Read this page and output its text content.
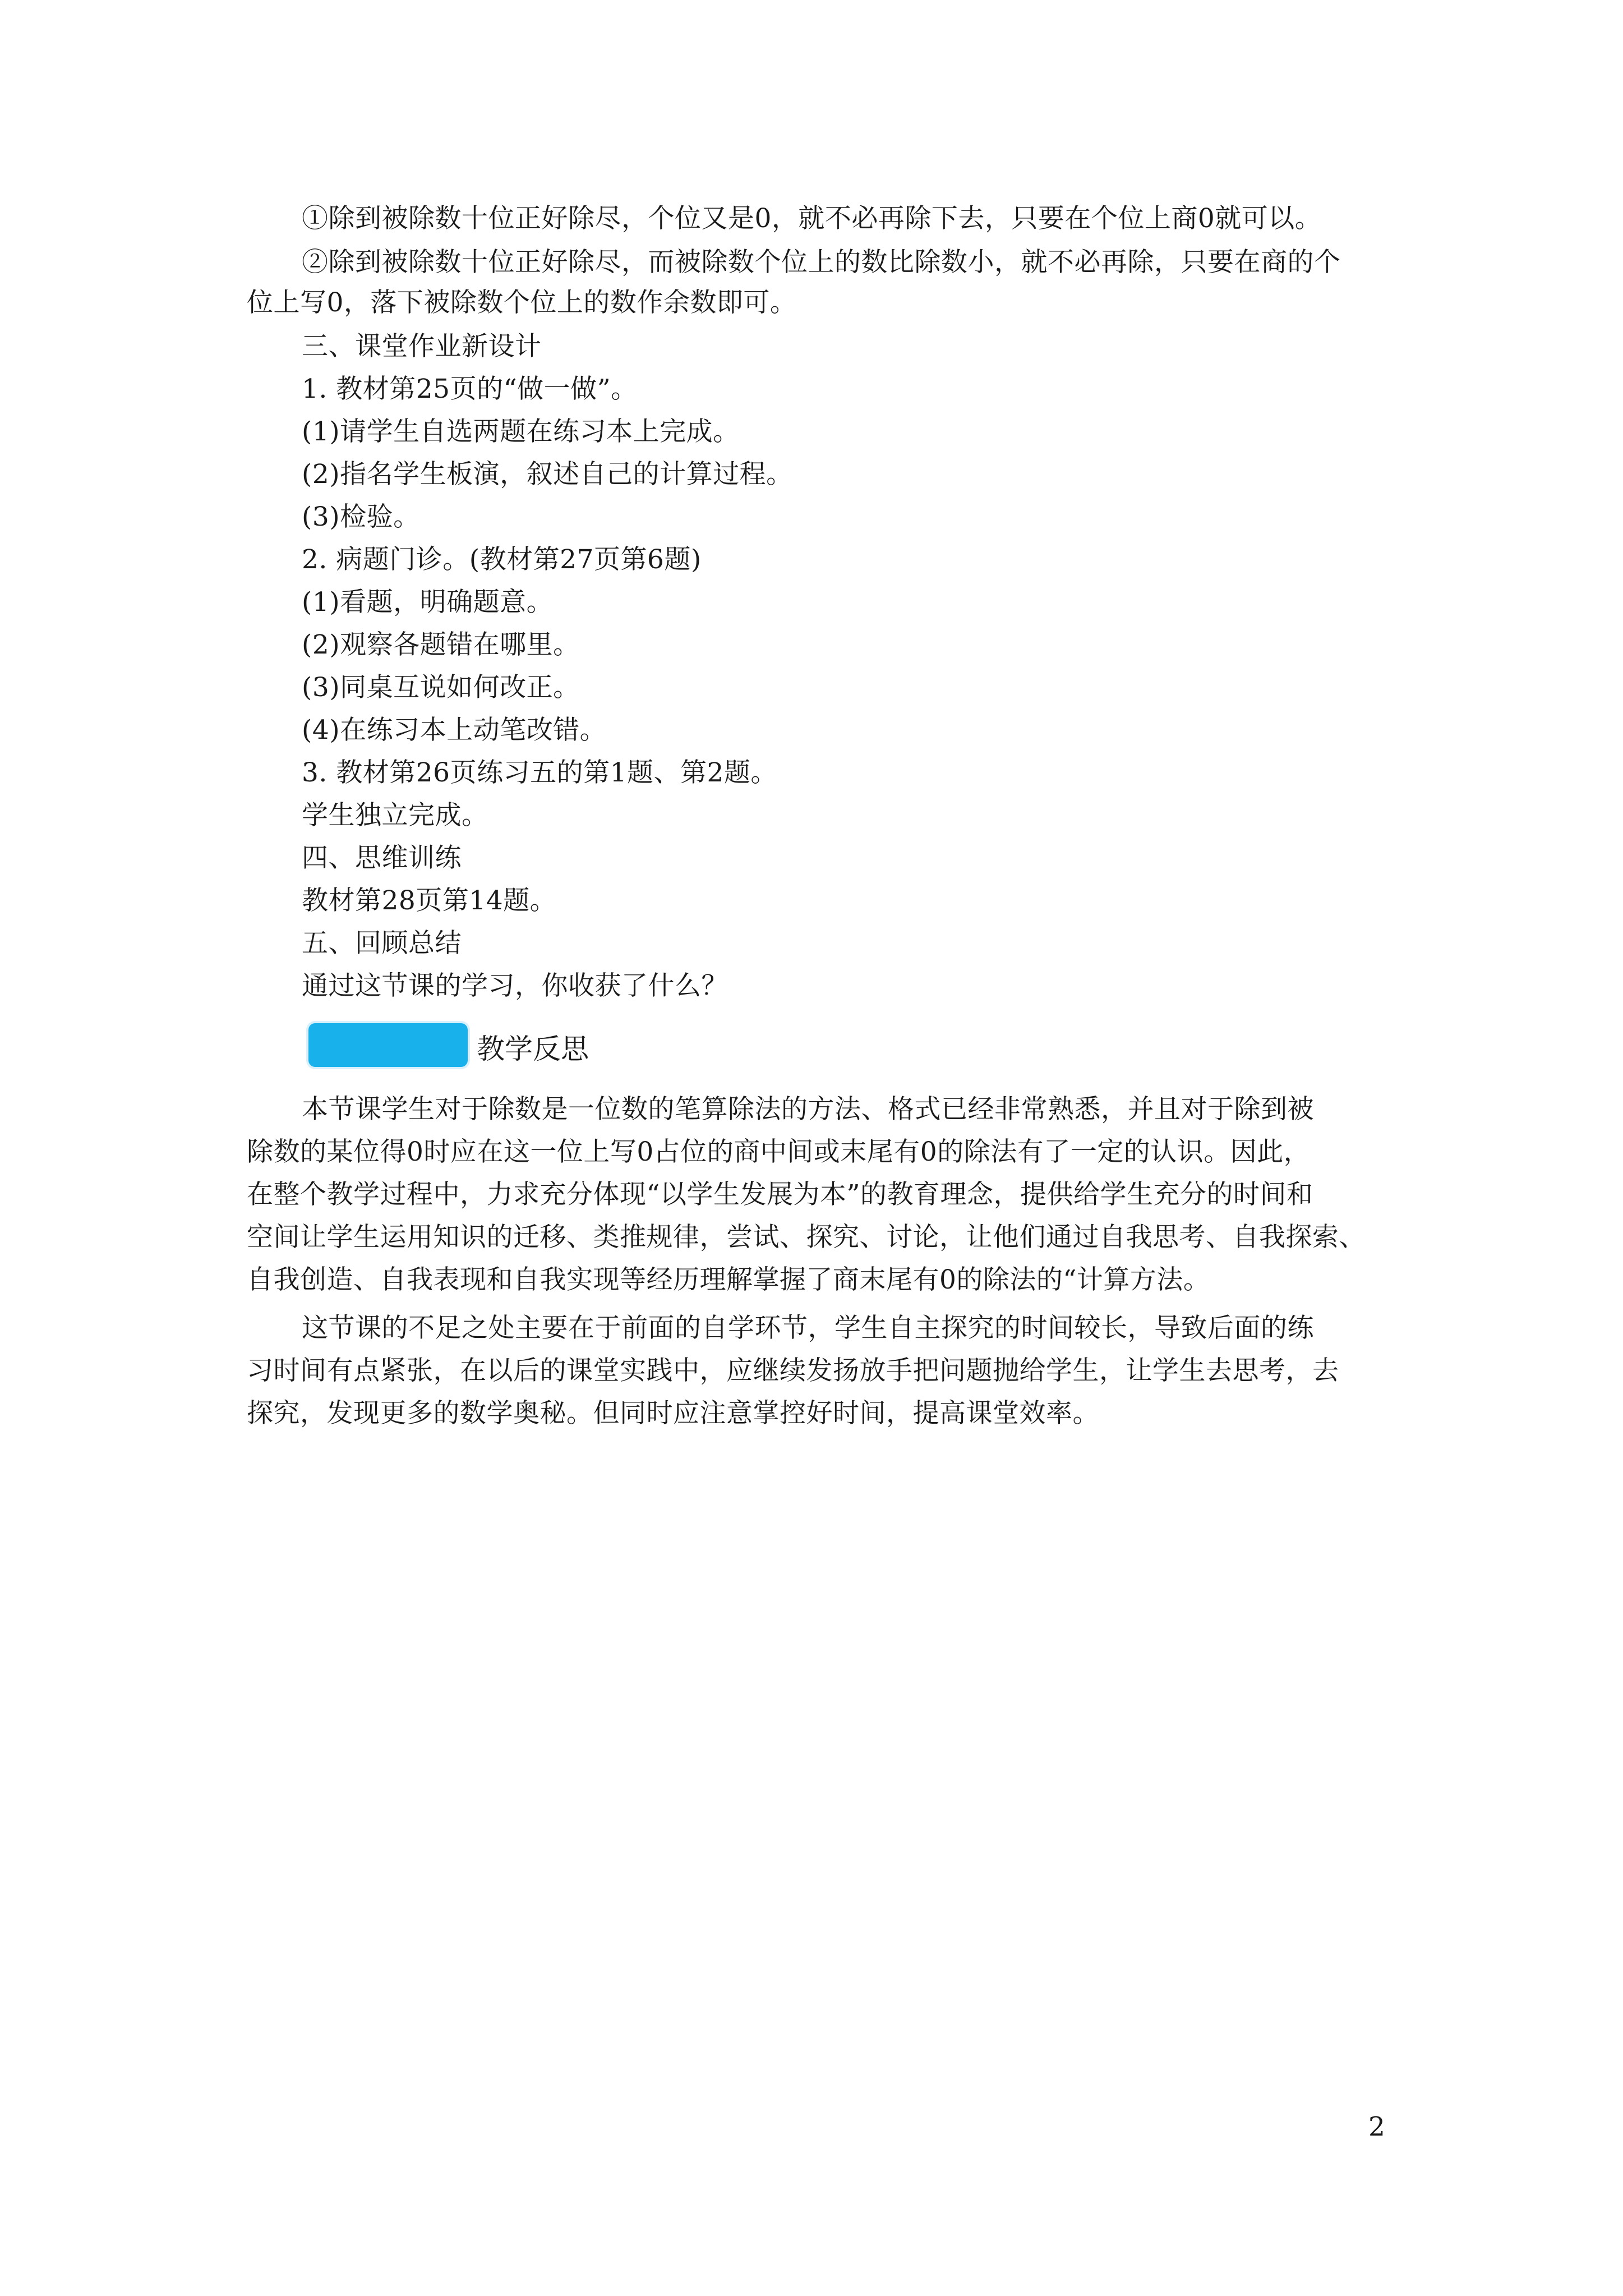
①除到被除数十位正好除尽，个位又是0，就不必再除下去，只要在个位上商0就可以。
②除到被除数十位正好除尽，而被除数个位上的数比除数小，就不必再除，只要在商的个
位上写0，落下被除数个位上的数作余数即可。
三、课堂作业新设计
1. 教材第25页的“做一做”。
(1)请学生自选两题在练习本上完成。
(2)指名学生板演，叙述自己的计算过程。
(3)检验。
2. 病题门诊。(教材第27页第6题)
(1)看题，明确题意。
(2)观察各题错在哪里。
(3)同桌互说如何改正。
(4)在练习本上动笔改错。
3. 教材第26页练习五的第1题、第2题。
学生独立完成。
四、思维训练
教材第28页第14题。
五、回顾总结
通过这节课的学习，你收获了什么？
教学反思
本节课学生对于除数是一位数的笔算除法的方法、格式已经非常熟悉，并且对于除到被
除数的某位得0时应在这一位上写0占位的商中间或末尾有0的除法有了一定的认识。因此，
在整个教学过程中，力求充分体现“以学生发展为本”的教育理念，提供给学生充分的时间和
空间让学生运用知识的迁移、类推规律，尝试、探究、讨论，让他们通过自我思考、自我探索、
自我创造、自我表现和自我实现等经历理解掌握了商末尾有0的除法的“计算方法。
这节课的不足之处主要在于前面的自学环节，学生自主探究的时间较长，导致后面的练
习时间有点紧张，在以后的课堂实践中，应继续发扬放手把问题抛给学生，让学生去思考，去
探究，发现更多的数学奥秘。但同时应注意掌控好时间，提高课堂效率。
2
